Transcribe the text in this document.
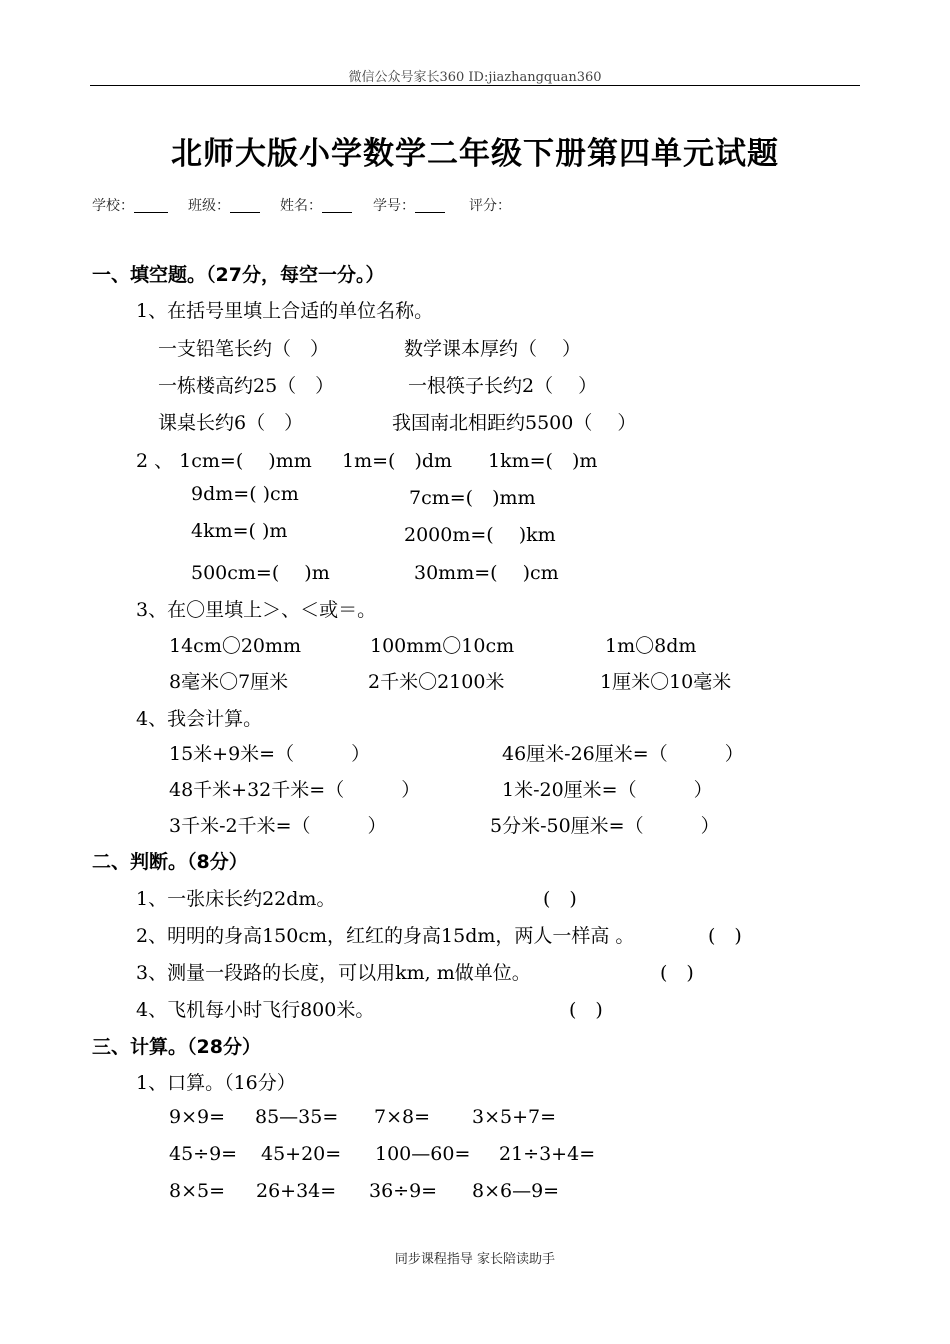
微信公众号家长360 ID:jiazhangquan360
北师大版小学数学二年级下册第四单元试题
学校：	班级：	姓名：	学号：	评分：
一、填空题。（27分，每空一分。）
1、在括号里填上合适的单位名称。
一支铅笔长约（　）	数学课本厚约（　 ）
一栋楼高约25（　）	一根筷子长约2（　 ）
课桌长约6（　）	我国南北相距约5500（　 ）
2 、 1cm=(　 )mm 1m=(　)dm 1km=(　)m
9dm=( )cm	7cm=(　)mm
4km=( )m	2000m=(　 )km
500cm=(　 )m	30mm=(　 )cm
3、在〇里填上＞、＜或＝。
14cm〇20mm	100mm〇10cm	1m〇8dm
8毫米〇7厘米	2千米〇2100米	1厘米〇10毫米
4、我会计算。
15米+9米=（　　　）	46厘米-26厘米=（　　　）
48千米+32千米=（　　　）	1米-20厘米=（　　　）
3千米-2千米=（　　　）	5分米-50厘米=（　　　）
二、判断。（8分）
1、一张床长约22dm。	(　)
2、明明的身高150cm，红红的身高15dm，两人一样高 。	(　)
3、测量一段路的长度，可以用km, m做单位。	(　)
4、飞机每小时飞行800米。	(　)
三、计算。（28分）
1、口算。（16分）
9×9= 85—35= 7×8= 3×5+7=
45÷9= 45+20= 100—60= 21÷3+4=
8×5= 26+34= 36÷9= 8×6—9=
同步课程指导 家长陪读助手
